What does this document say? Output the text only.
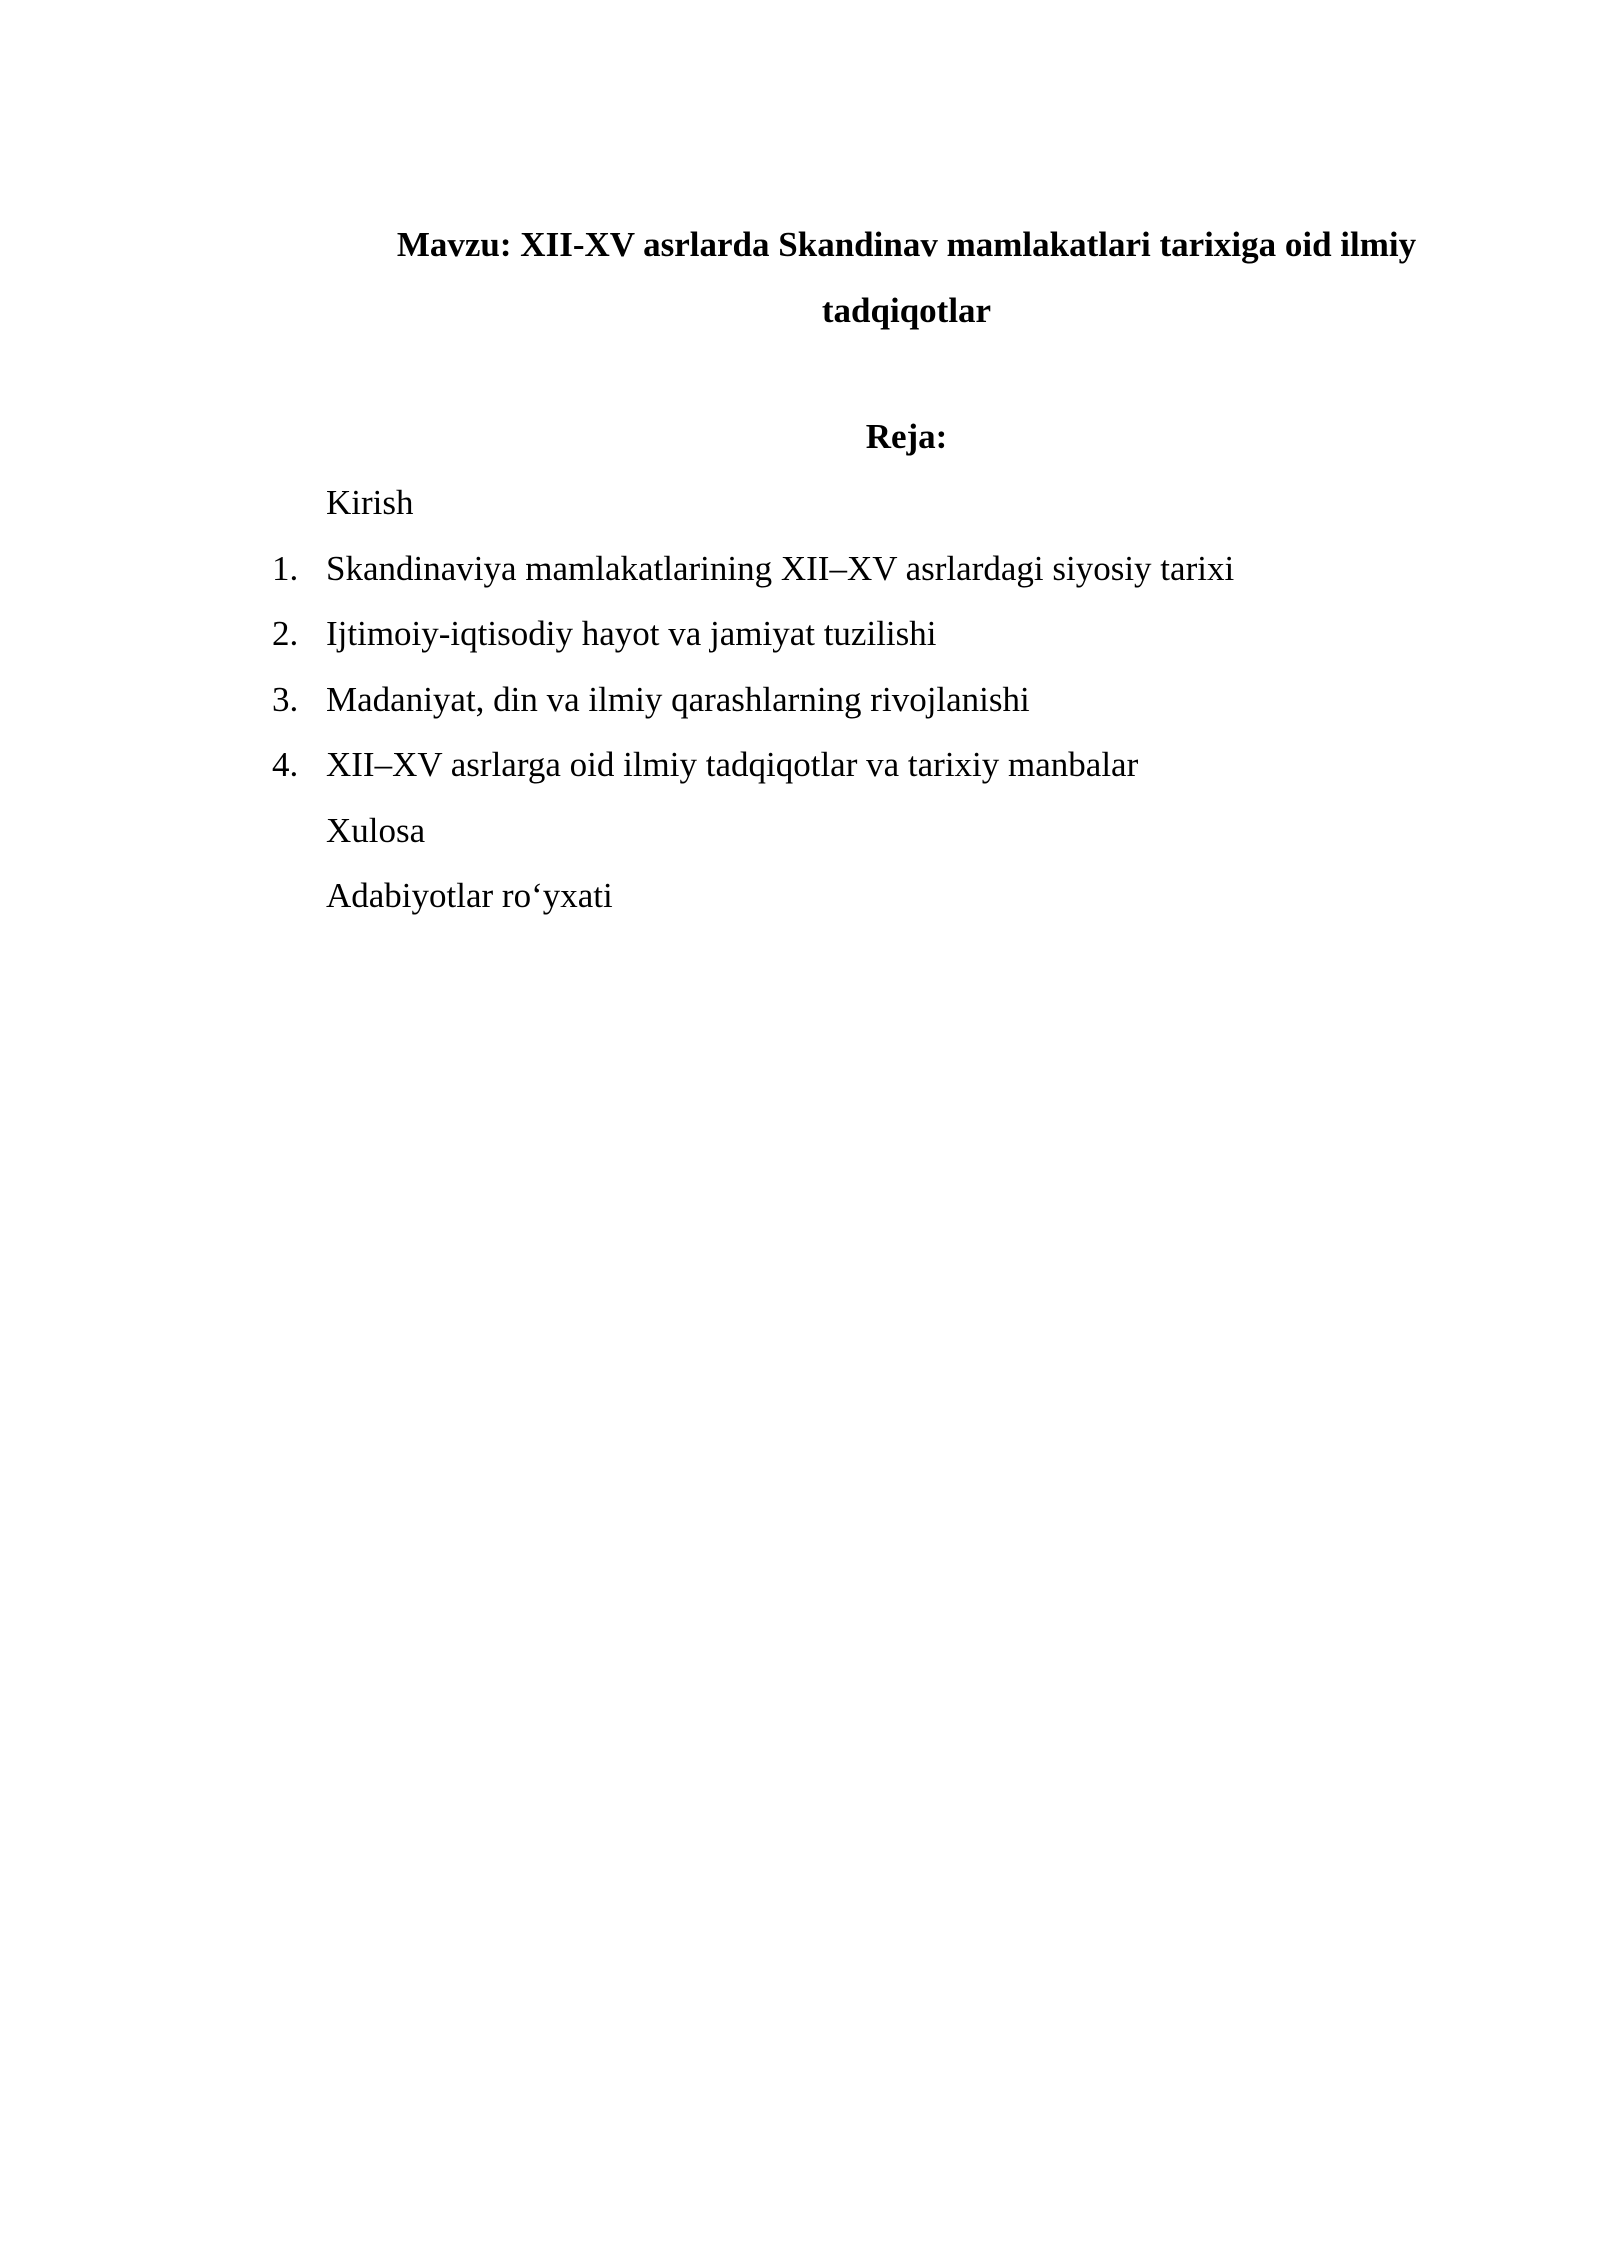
Mavzu: XII-XV asrlarda Skandinav mamlakatlari tarixiga oid ilmiy tadqiqotlar
Reja:
Kirish
1. Skandinaviya mamlakatlarining XII–XV asrlardagi siyosiy tarixi
2. Ijtimoiy-iqtisodiy hayot va jamiyat tuzilishi
3. Madaniyat, din va ilmiy qarashlarning rivojlanishi
4. XII–XV asrlarga oid ilmiy tadqiqotlar va tarixiy manbalar
Xulosa
Adabiyotlar ro‘yxati
